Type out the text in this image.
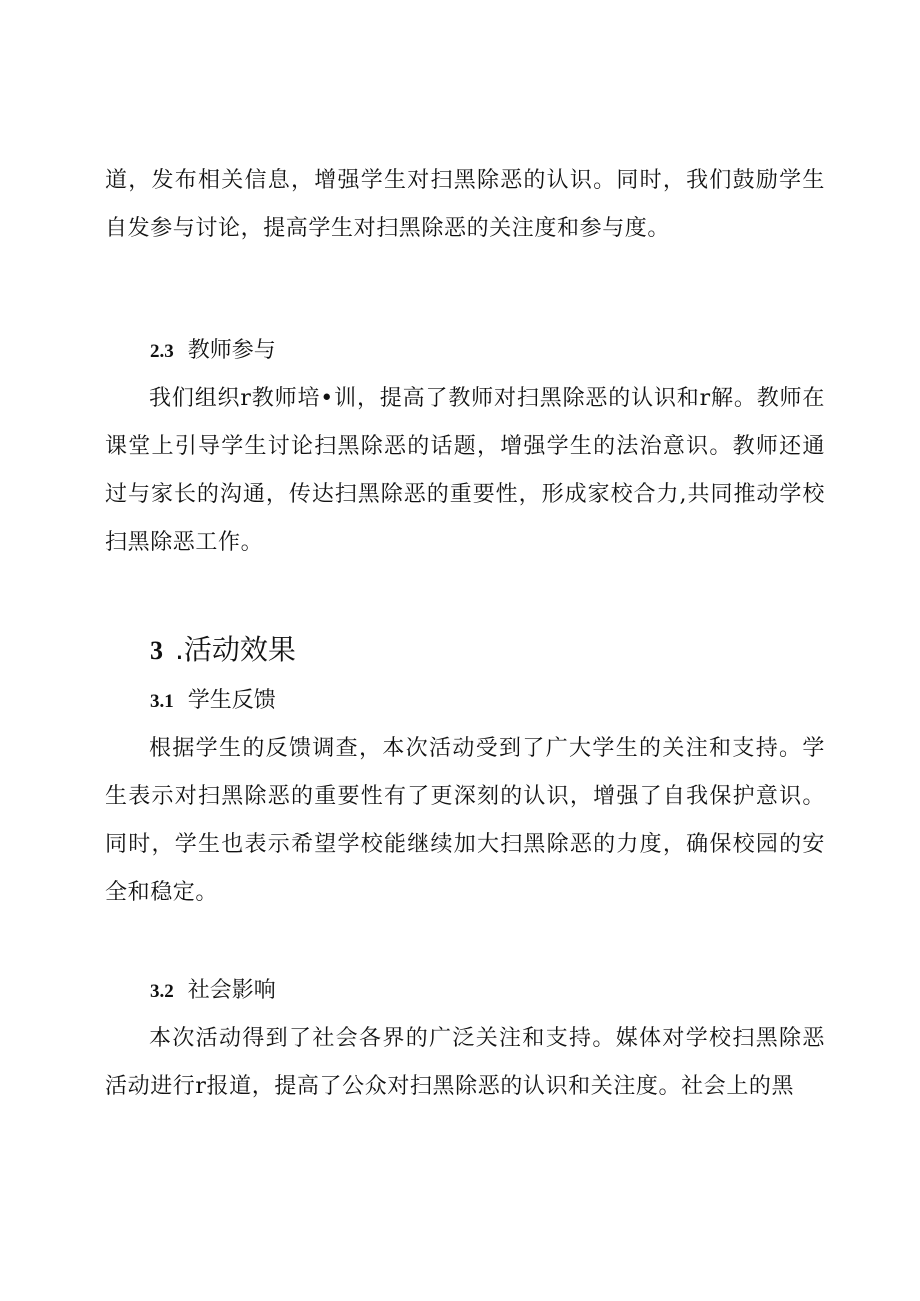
道，发布相关信息，增强学生对扫黑除恶的认识。同时，我们鼓励学生自发参与讨论，提高学生对扫黑除恶的关注度和参与度。

2.3 教师参与

我们组织r教师培•训，提高了教师对扫黑除恶的认识和r解。教师在课堂上引导学生讨论扫黑除恶的话题，增强学生的法治意识。教师还通过与家长的沟通，传达扫黑除恶的重要性，形成家校合力,共同推动学校扫黑除恶工作。

3 .活动效果
3.1 学生反馈

根据学生的反馈调查，本次活动受到了广大学生的关注和支持。学生表示对扫黑除恶的重要性有了更深刻的认识，增强了自我保护意识。同时，学生也表示希望学校能继续加大扫黑除恶的力度，确保校园的安全和稳定。

3.2 社会影响

本次活动得到了社会各界的广泛关注和支持。媒体对学校扫黑除恶活动进行r报道，提高了公众对扫黑除恶的认识和关注度。社会上的黑
